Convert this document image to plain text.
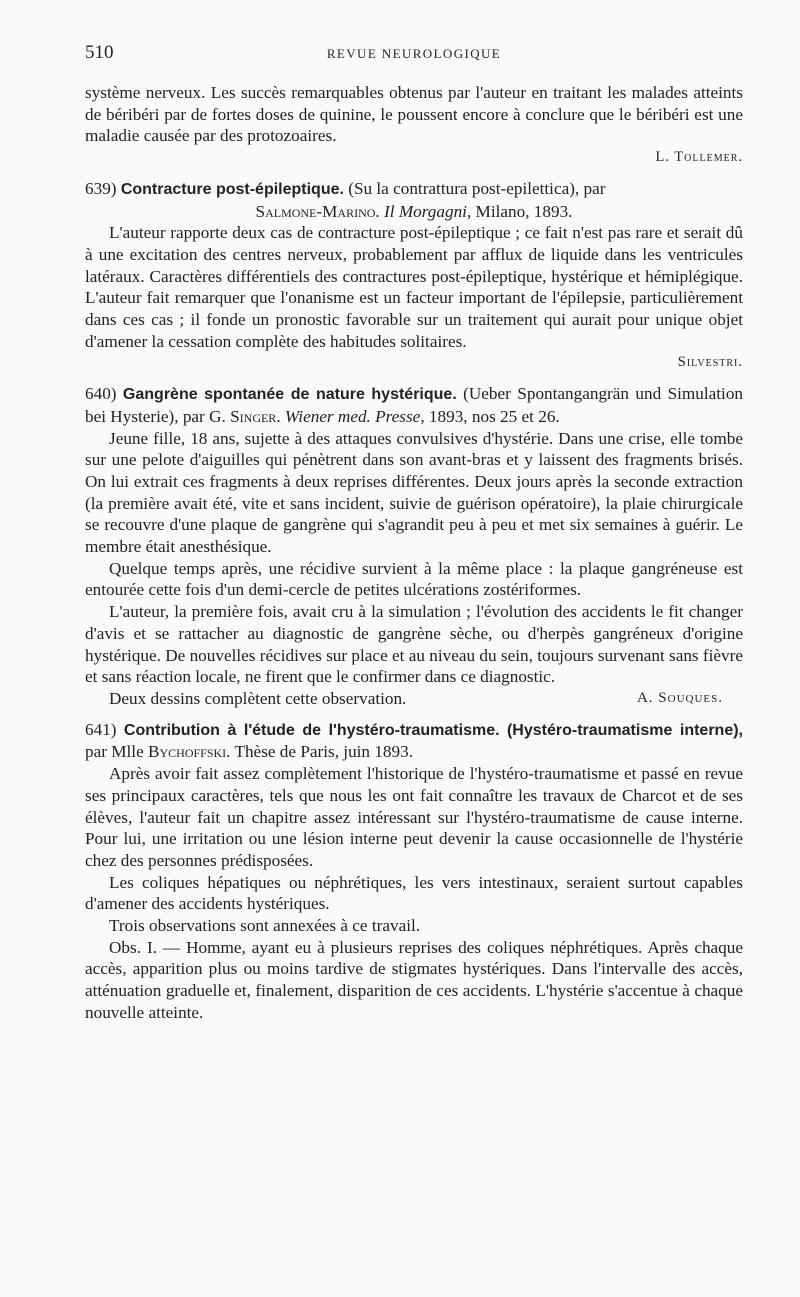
510	REVUE NEUROLOGIQUE

système nerveux. Les succès remarquables obtenus par l'auteur en traitant les malades atteints de béribéri par de fortes doses de quinine, le poussent encore à conclure que le béribéri est une maladie causée par des protozoaires.

L. Tollemer.

639) Contracture post-épileptique. (Su la contrattura post-epilettica), par
Salmone-Marino. Il Morgagni, Milano, 1893.

L'auteur rapporte deux cas de contracture post-épileptique ; ce fait n'est pas rare et serait dû à une excitation des centres nerveux, probablement par afflux de liquide dans les ventricules latéraux. Caractères différentiels des contractures post-épileptique, hystérique et hémiplégique. L'auteur fait remarquer que l'onanisme est un facteur important de l'épilepsie, particulièrement dans ces cas ; il fonde un pronostic favorable sur un traitement qui aurait pour unique objet d'amener la cessation complète des habitudes solitaires.

Silvestri.

640) Gangrène spontanée de nature hystérique. (Ueber Spontangangrän und Simulation bei Hysterie), par G. Singer. Wiener med. Presse, 1893, nos 25 et 26.

Jeune fille, 18 ans, sujette à des attaques convulsives d'hystérie. Dans une crise, elle tombe sur une pelote d'aiguilles qui pénètrent dans son avant-bras et y laissent des fragments brisés. On lui extrait ces fragments à deux reprises différentes. Deux jours après la seconde extraction (la première avait été, vite et sans incident, suivie de guérison opératoire), la plaie chirurgicale se recouvre d'une plaque de gangrène qui s'agrandit peu à peu et met six semaines à guérir. Le membre était anesthésique.

Quelque temps après, une récidive survient à la même place : la plaque gangréneuse est entourée cette fois d'un demi-cercle de petites ulcérations zostériformes.

L'auteur, la première fois, avait cru à la simulation ; l'évolution des accidents le fit changer d'avis et se rattacher au diagnostic de gangrène sèche, ou d'herpès gangréneux d'origine hystérique. De nouvelles récidives sur place et au niveau du sein, toujours survenant sans fièvre et sans réaction locale, ne firent que le confirmer dans ce diagnostic.

Deux dessins complètent cette observation.	A. Souques.

641) Contribution à l'étude de l'hystéro-traumatisme. (Hystéro-traumatisme interne), par Mlle Bychoffski. Thèse de Paris, juin 1893.

Après avoir fait assez complètement l'historique de l'hystéro-traumatisme et passé en revue ses principaux caractères, tels que nous les ont fait connaître les travaux de Charcot et de ses élèves, l'auteur fait un chapitre assez intéressant sur l'hystéro-traumatisme de cause interne. Pour lui, une irritation ou une lésion interne peut devenir la cause occasionnelle de l'hystérie chez des personnes prédisposées.

Les coliques hépatiques ou néphrétiques, les vers intestinaux, seraient surtout capables d'amener des accidents hystériques.

Trois observations sont annexées à ce travail.

Obs. I. — Homme, ayant eu à plusieurs reprises des coliques néphrétiques. Après chaque accès, apparition plus ou moins tardive de stigmates hystériques. Dans l'intervalle des accès, atténuation graduelle et, finalement, disparition de ces accidents. L'hystérie s'accentue à chaque nouvelle atteinte.
